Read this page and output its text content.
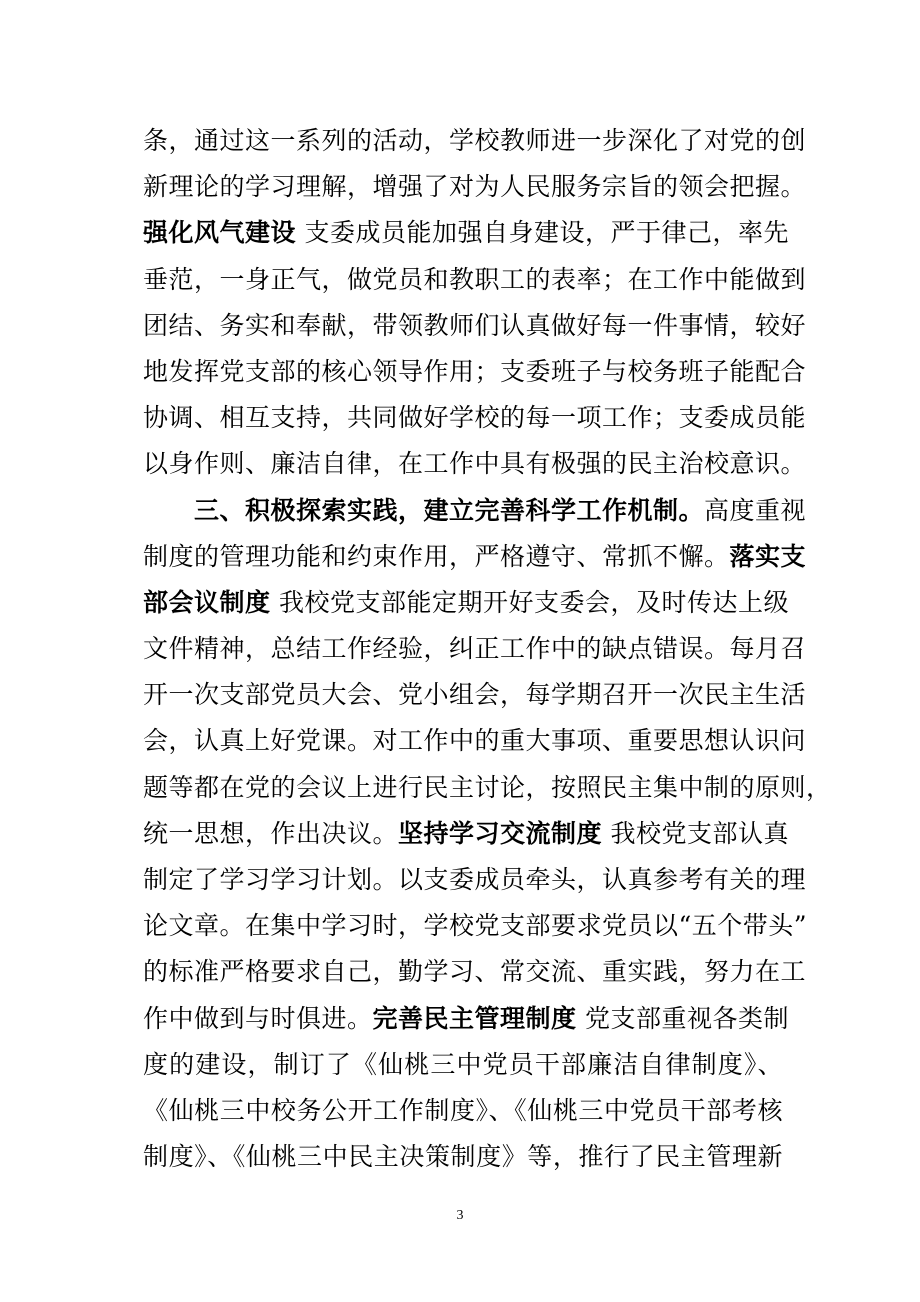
条，通过这一系列的活动，学校教师进一步深化了对党的创
新理论的学习理解，增强了对为人民服务宗旨的领会把握。
强化风气建设 支委成员能加强自身建设，严于律己，率先
垂范，一身正气，做党员和教职工的表率；在工作中能做到
团结、务实和奉献，带领教师们认真做好每一件事情，较好
地发挥党支部的核心领导作用；支委班子与校务班子能配合
协调、相互支持，共同做好学校的每一项工作；支委成员能
以身作则、廉洁自律，在工作中具有极强的民主治校意识。
　　三、积极探索实践，建立完善科学工作机制。高度重视
制度的管理功能和约束作用，严格遵守、常抓不懈。落实支
部会议制度 我校党支部能定期开好支委会，及时传达上级
文件精神，总结工作经验，纠正工作中的缺点错误。每月召
开一次支部党员大会、党小组会，每学期召开一次民主生活
会，认真上好党课。对工作中的重大事项、重要思想认识问
题等都在党的会议上进行民主讨论，按照民主集中制的原则，
统一思想，作出决议。坚持学习交流制度 我校党支部认真
制定了学习学习计划。以支委成员牵头，认真参考有关的理
论文章。在集中学习时，学校党支部要求党员以“五个带头”
的标准严格要求自己，勤学习、常交流、重实践，努力在工
作中做到与时俱进。完善民主管理制度 党支部重视各类制
度的建设，制订了《仙桃三中党员干部廉洁自律制度》、
《仙桃三中校务公开工作制度》、《仙桃三中党员干部考核
制度》、《仙桃三中民主决策制度》等，推行了民主管理新
3
